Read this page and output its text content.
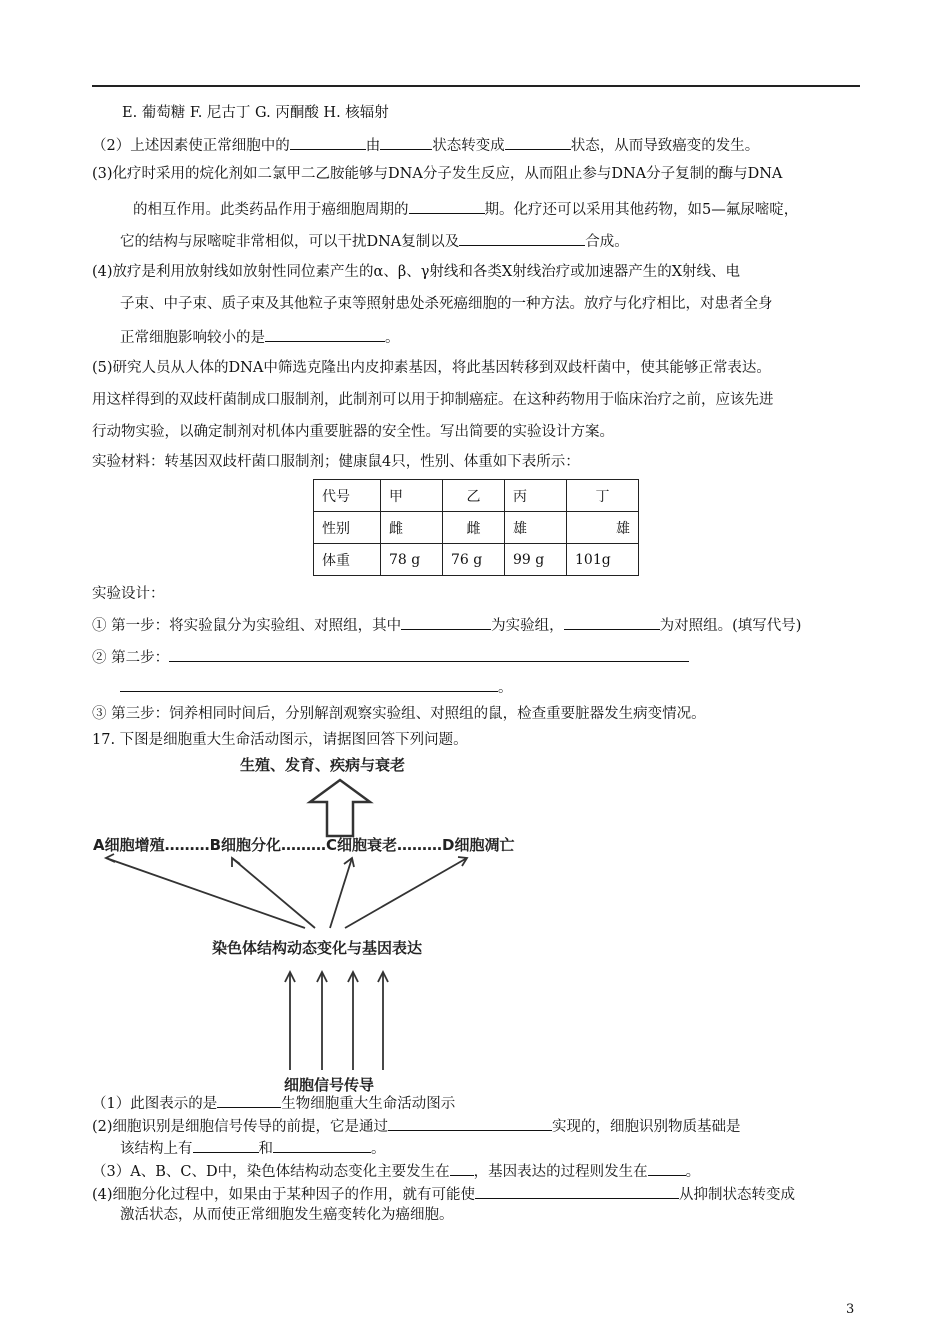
E. 葡萄糖 F. 尼古丁 G. 丙酮酸 H. 核辐射
（2）上述因素使正常细胞中的	由	状态转变成	状态，从而导致癌变的发生。
(3)化疗时采用的烷化剂如二氯甲二乙胺能够与DNA分子发生反应，从而阻止参与DNA分子复制的酶与DNA
的相互作用。此类药品作用于癌细胞周期的	期。化疗还可以采用其他药物，如5—氟尿嘧啶，
它的结构与尿嘧啶非常相似，可以干扰DNA复制以及	合成。
(4)放疗是利用放射线如放射性同位素产生的α、β、γ射线和各类X射线治疗或加速器产生的X射线、电
子束、中子束、质子束及其他粒子束等照射患处杀死癌细胞的一种方法。放疗与化疗相比，对患者全身
正常细胞影响较小的是	。
(5)研究人员从人体的DNA中筛选克隆出内皮抑素基因，将此基因转移到双歧杆菌中，使其能够正常表达。
用这样得到的双歧杆菌制成口服制剂，此制剂可以用于抑制癌症。在这种药物用于临床治疗之前，应该先进
行动物实验，以确定制剂对机体内重要脏器的安全性。写出简要的实验设计方案。
实验材料：转基因双歧杆菌口服制剂；健康鼠4只，性别、体重如下表所示：
代号	甲	乙	丙	丁
性别	雌	雌	雄	雄
体重	78 g	76 g	99 g	101g
实验设计：
① 第一步：将实验鼠分为实验组、对照组，其中	为实验组，	为对照组。(填写代号)
② 第二步：
。
③ 第三步：饲养相同时间后，分别解剖观察实验组、对照组的鼠，检查重要脏器发生病变情况。
17. 下图是细胞重大生命活动图示，请据图回答下列问题。
生殖、发育、疾病与衰老
A细胞增殖………B细胞分化………C细胞衰老………D细胞凋亡
染色体结构动态变化与基因表达
细胞信号传导
（1）此图表示的是	生物细胞重大生命活动图示
(2)细胞识别是细胞信号传导的前提，它是通过	实现的，细胞识别物质基础是
该结构上有	和	。
（3）A、B、C、D中，染色体结构动态变化主要发生在 ，基因表达的过程则发生在	。
(4)细胞分化过程中，如果由于某种因子的作用，就有可能使	从抑制状态转变成
激活状态，从而使正常细胞发生癌变转化为癌细胞。
3
